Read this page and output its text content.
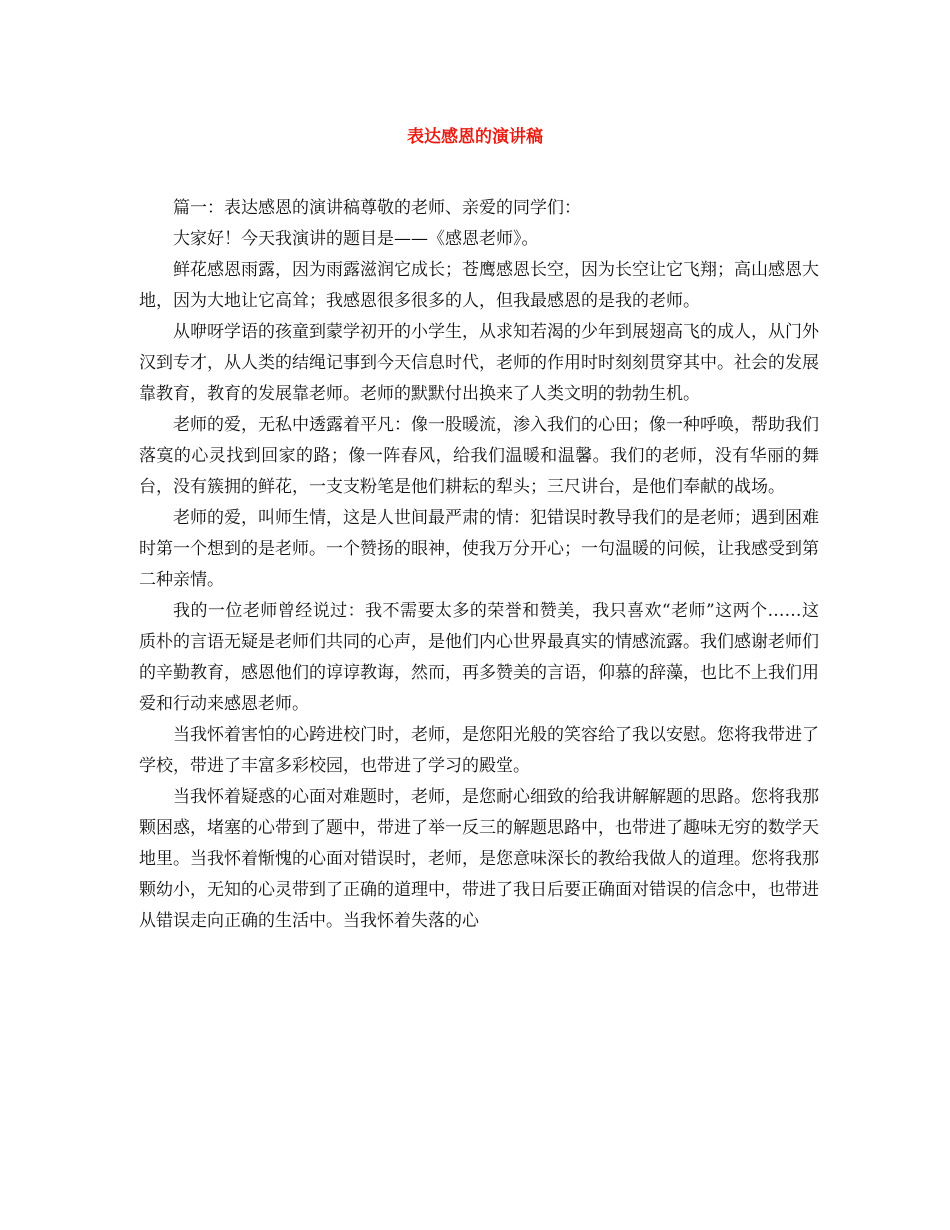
表达感恩的演讲稿

篇一：表达感恩的演讲稿尊敬的老师、亲爱的同学们：

大家好！今天我演讲的题目是——《感恩老师》。

鲜花感恩雨露，因为雨露滋润它成长；苍鹰感恩长空，因为长空让它飞翔；高山感恩大地，因为大地让它高耸；我感恩很多很多的人，但我最感恩的是我的老师。

从咿呀学语的孩童到蒙学初开的小学生，从求知若渴的少年到展翅高飞的成人，从门外汉到专才，从人类的结绳记事到今天信息时代，老师的作用时时刻刻贯穿其中。社会的发展靠教育，教育的发展靠老师。老师的默默付出换来了人类文明的勃勃生机。

老师的爱，无私中透露着平凡：像一股暖流，渗入我们的心田；像一种呼唤，帮助我们落寞的心灵找到回家的路；像一阵春风，给我们温暖和温馨。我们的老师，没有华丽的舞台，没有簇拥的鲜花，一支支粉笔是他们耕耘的犁头；三尺讲台，是他们奉献的战场。

老师的爱，叫师生情，这是人世间最严肃的情：犯错误时教导我们的是老师；遇到困难时第一个想到的是老师。一个赞扬的眼神，使我万分开心；一句温暖的问候，让我感受到第二种亲情。

我的一位老师曾经说过：我不需要太多的荣誉和赞美，我只喜欢“老师”这两个……这质朴的言语无疑是老师们共同的心声，是他们内心世界最真实的情感流露。我们感谢老师们的辛勤教育，感恩他们的谆谆教诲，然而，再多赞美的言语，仰慕的辞藻，也比不上我们用爱和行动来感恩老师。

当我怀着害怕的心跨进校门时，老师，是您阳光般的笑容给了我以安慰。您将我带进了学校，带进了丰富多彩校园，也带进了学习的殿堂。

当我怀着疑惑的心面对难题时，老师，是您耐心细致的给我讲解解题的思路。您将我那颗困惑，堵塞的心带到了题中，带进了举一反三的解题思路中，也带进了趣味无穷的数学天地里。当我怀着惭愧的心面对错误时，老师，是您意味深长的教给我做人的道理。您将我那颗幼小，无知的心灵带到了正确的道理中，带进了我日后要正确面对错误的信念中，也带进从错误走向正确的生活中。当我怀着失落的心
